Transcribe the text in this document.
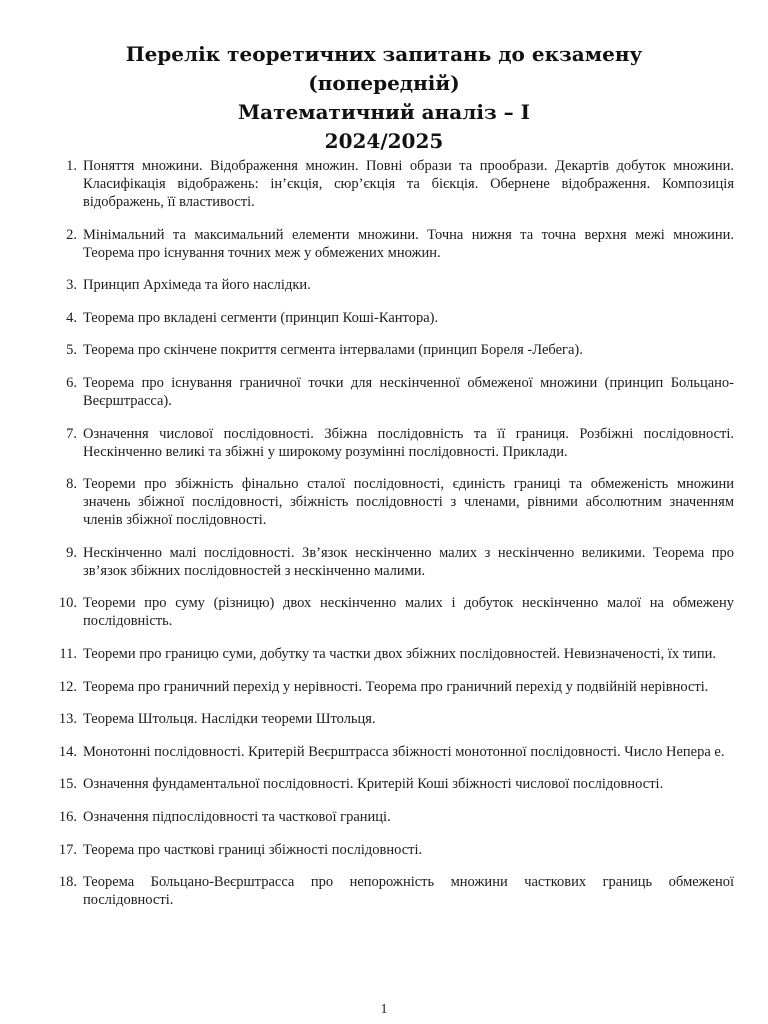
Перелік теоретичних запитань до екзамену
(попередній)
Математичний аналіз – I
2024/2025
1. Поняття множини. Відображення множин. Повні образи та прообрази. Декартів добуток множини. Класифікація відображень: ін’єкція, сюр’єкція та бієкція. Обернене відображення. Композиція відображень, її властивості.
2. Мінімальний та максимальний елементи множини. Точна нижня та точна верхня межі множини. Теорема про існування точних меж у обмежених множин.
3. Принцип Архімеда та його наслідки.
4. Теорема про вкладені сегменти (принцип Коші-Кантора).
5. Теорема про скінчене покриття сегмента інтервалами (принцип Бореля -Лебега).
6. Теорема про існування граничної точки для нескінченної обмеженої множини (принцип Больцано-Веєрштрасса).
7. Означення числової послідовності. Збіжна послідовність та її границя. Розбіжні послідовності. Нескінченно великі та збіжні у широкому розумінні послідовності. Приклади.
8. Теореми про збіжність фінально сталої послідовності, єдиність границі та обмеженість множини значень збіжної послідовності, збіжність послідовності з членами, рівними абсолютним значенням членів збіжної послідовності.
9. Нескінченно малі послідовності. Зв’язок нескінченно малих з нескінченно великими. Теорема про зв’язок збіжних послідовностей з нескінченно малими.
10. Теореми про суму (різницю) двох нескінченно малих і добуток нескінченно малої на обмежену послідовність.
11. Теореми про границю суми, добутку та частки двох збіжних послідовностей. Невизначеності, їх типи.
12. Теорема про граничний перехід у нерівності. Теорема про граничний перехід у подвійній нерівності.
13. Теорема Штольця. Наслідки теореми Штольця.
14. Монотонні послідовності. Критерій Веєрштрасса збіжності монотонної послідовності. Число Непера e.
15. Означення фундаментальної послідовності. Критерій Коші збіжності числової послідовності.
16. Означення підпослідовності та часткової границі.
17. Теорема про часткові границі збіжності послідовності.
18. Теорема Больцано-Веєрштрасса про непорожність множини часткових границь обмеженої послідовності.
1
